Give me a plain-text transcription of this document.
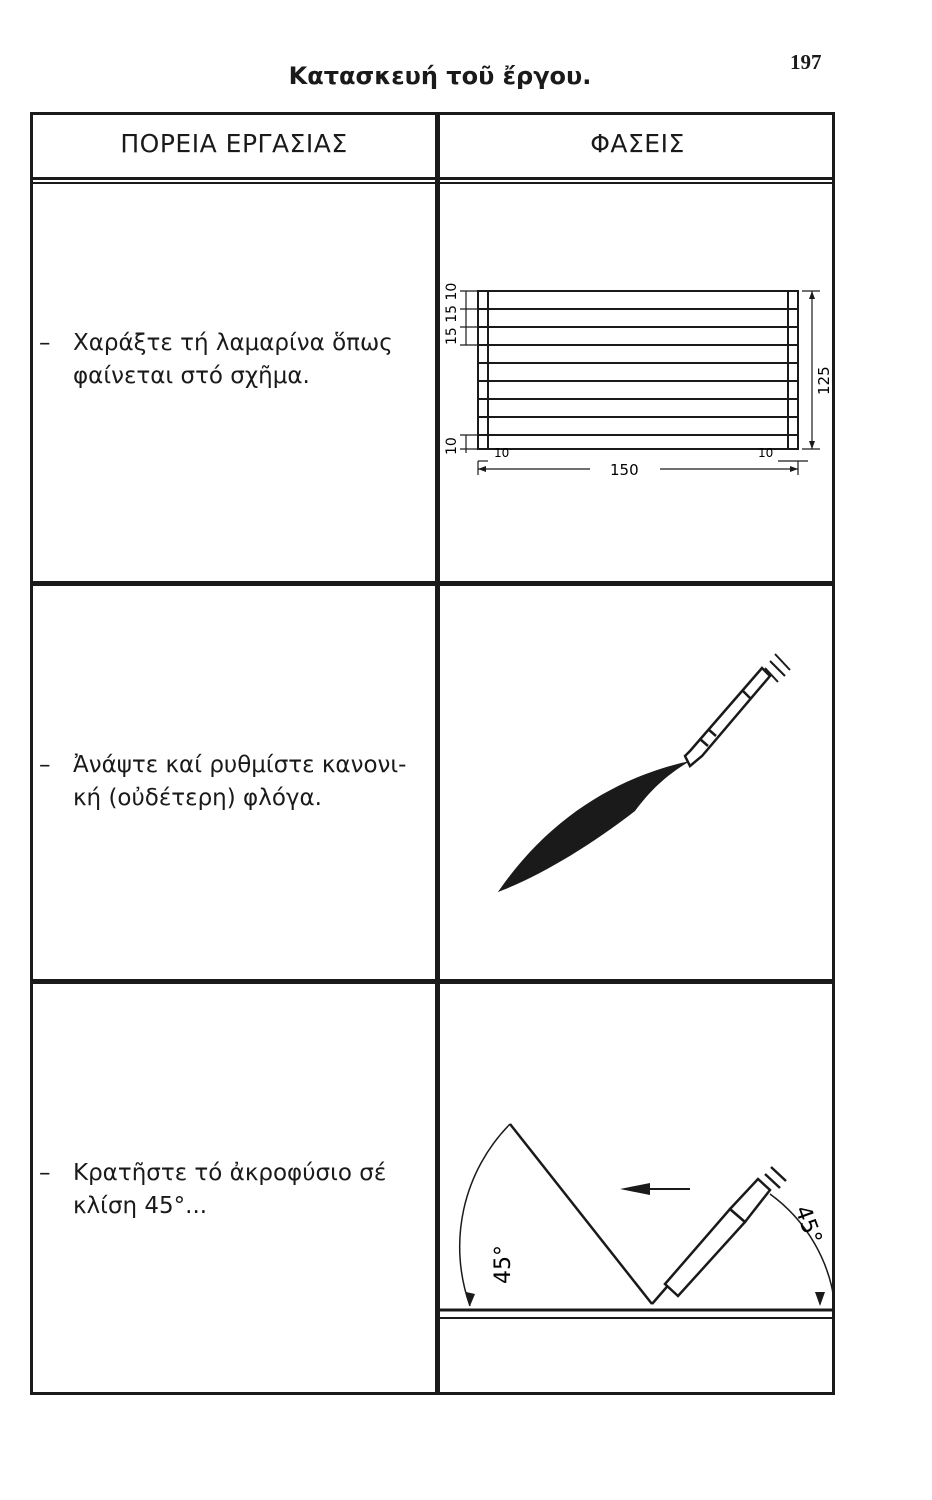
197
Κατασκευή τοῦ ἔργου.
ΠΟΡΕΙΑ ΕΡΓΑΣΙΑΣ	ΦΑΣΕΙΣ
– Χαράξτε τή λαμαρίνα ὅπως
φαίνεται στό σχῆμα.
– Ἀνάψτε καί ρυθμίστε κανονι-
κή (οὐδέτερη) φλόγα.
– Κρατῆστε τό ἀκροφύσιο σέ
κλίση 45°...
15 15 10
10
125
150
10	10
45°
45°
